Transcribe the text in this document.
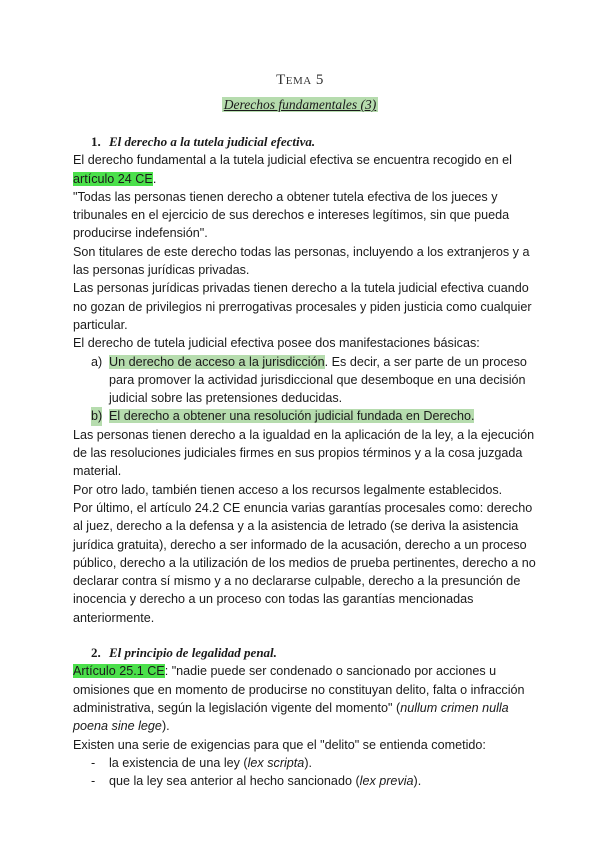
Tema 5
Derechos fundamentales (3)
1. El derecho a la tutela judicial efectiva.

El derecho fundamental a la tutela judicial efectiva se encuentra recogido en el artículo 24 CE.

"Todas las personas tienen derecho a obtener tutela efectiva de los jueces y tribunales en el ejercicio de sus derechos e intereses legítimos, sin que pueda producirse indefensión".

Son titulares de este derecho todas las personas, incluyendo a los extranjeros y a las personas jurídicas privadas.

Las personas jurídicas privadas tienen derecho a la tutela judicial efectiva cuando no gozan de privilegios ni prerrogativas procesales y piden justicia como cualquier particular.

El derecho de tutela judicial efectiva posee dos manifestaciones básicas:

a) Un derecho de acceso a la jurisdicción. Es decir, a ser parte de un proceso para promover la actividad jurisdiccional que desemboque en una decisión judicial sobre las pretensiones deducidas.
b) El derecho a obtener una resolución judicial fundada en Derecho.

Las personas tienen derecho a la igualdad en la aplicación de la ley, a la ejecución de las resoluciones judiciales firmes en sus propios términos y a la cosa juzgada material.

Por otro lado, también tienen acceso a los recursos legalmente establecidos.

Por último, el artículo 24.2 CE enuncia varias garantías procesales como: derecho al juez, derecho a la defensa y a la asistencia de letrado (se deriva la asistencia jurídica gratuita), derecho a ser informado de la acusación, derecho a un proceso público, derecho a la utilización de los medios de prueba pertinentes, derecho a no declarar contra sí mismo y a no declararse culpable, derecho a la presunción de inocencia y derecho a un proceso con todas las garantías mencionadas anteriormente.

2. El principio de legalidad penal.

Artículo 25.1 CE: "nadie puede ser condenado o sancionado por acciones u omisiones que en momento de producirse no constituyan delito, falta o infracción administrativa, según la legislación vigente del momento" (nullum crimen nulla poena sine lege).

Existen una serie de exigencias para que el "delito" se entienda cometido:

- la existencia de una ley (lex scripta).
- que la ley sea anterior al hecho sancionado (lex previa).
